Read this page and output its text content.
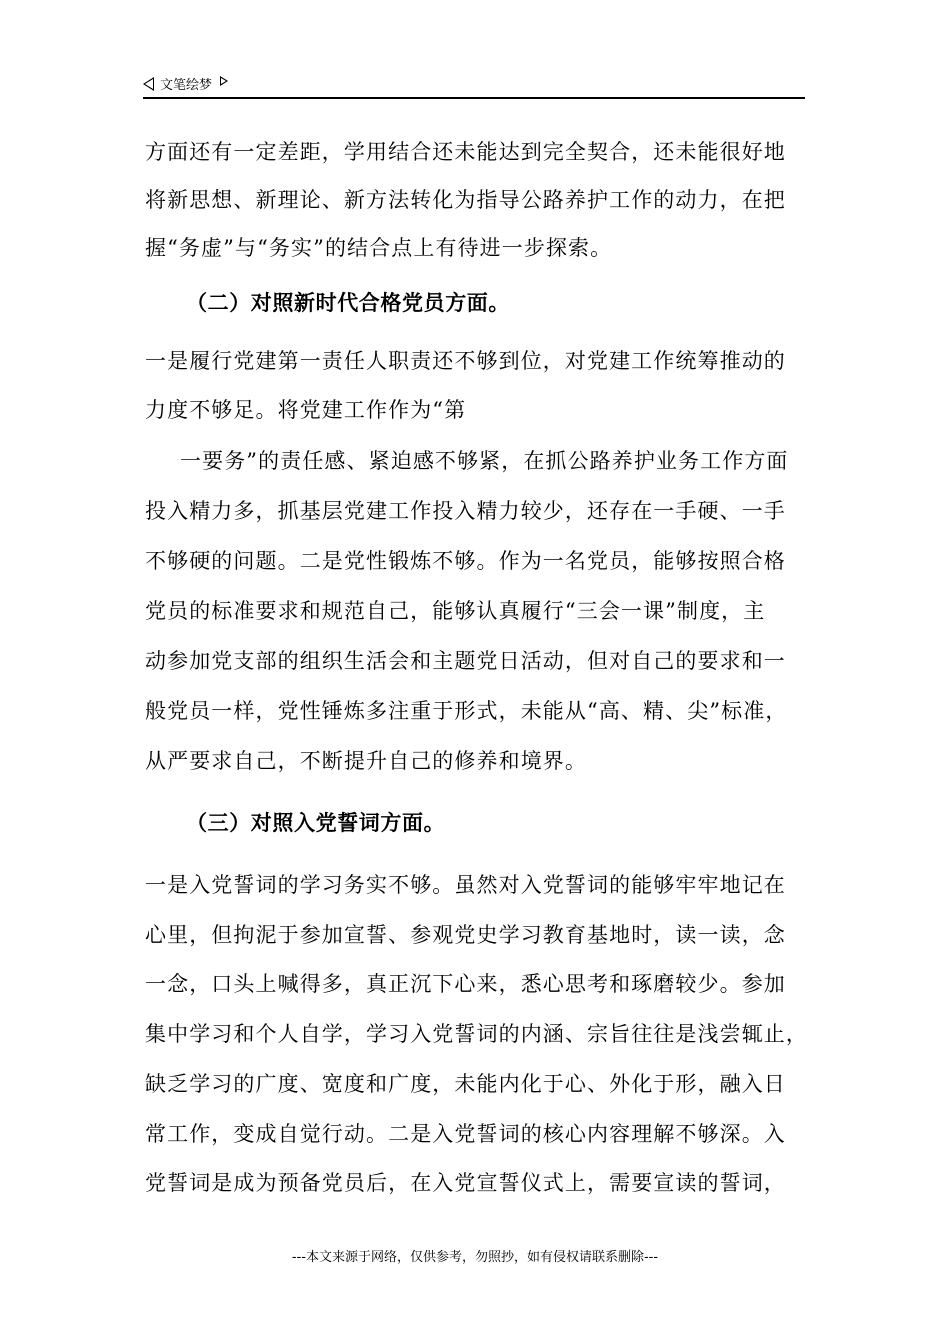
文笔绘梦
方面还有一定差距，学用结合还未能达到完全契合，还未能很好地
将新思想、新理论、新方法转化为指导公路养护工作的动力，在把
握“务虚”与“务实”的结合点上有待进一步探索。
（二）对照新时代合格党员方面。
一是履行党建第一责任人职责还不够到位，对党建工作统筹推动的
力度不够足。将党建工作作为“第
一要务”的责任感、紧迫感不够紧，在抓公路养护业务工作方面
投入精力多，抓基层党建工作投入精力较少，还存在一手硬、一手
不够硬的问题。二是党性锻炼不够。作为一名党员，能够按照合格
党员的标准要求和规范自己，能够认真履行“三会一课”制度，主
动参加党支部的组织生活会和主题党日活动，但对自己的要求和一
般党员一样，党性锤炼多注重于形式，未能从“高、精、尖”标准，
从严要求自己，不断提升自己的修养和境界。
（三）对照入党誓词方面。
一是入党誓词的学习务实不够。虽然对入党誓词的能够牢牢地记在
心里，但拘泥于参加宣誓、参观党史学习教育基地时，读一读，念
一念，口头上喊得多，真正沉下心来，悉心思考和琢磨较少。参加
集中学习和个人自学，学习入党誓词的内涵、宗旨往往是浅尝辄止，
缺乏学习的广度、宽度和广度，未能内化于心、外化于形，融入日
常工作，变成自觉行动。二是入党誓词的核心内容理解不够深。入
党誓词是成为预备党员后，在入党宣誓仪式上，需要宣读的誓词，
---本文来源于网络，仅供参考，勿照抄，如有侵权请联系删除---
